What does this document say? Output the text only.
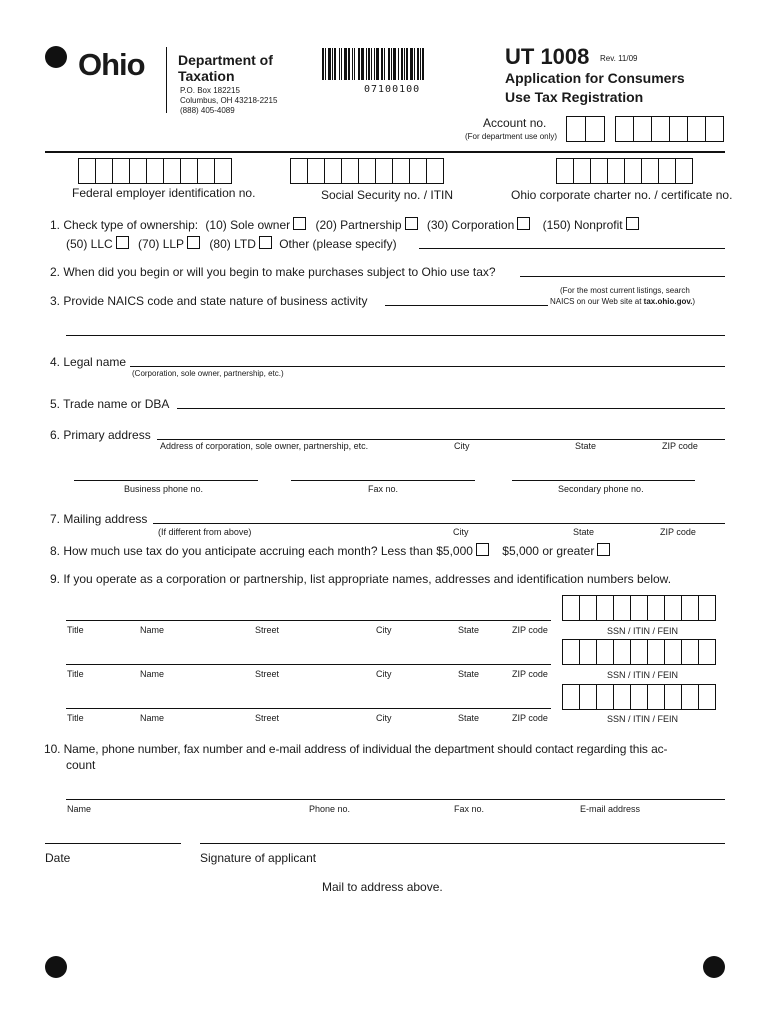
Ohio Department of
Taxation
P.O. Box 182215
Columbus, OH 43218-2215
(888) 405-4089
07100100
UT 1008 Rev. 11/09
Application for Consumers
Use Tax Registration
Account no.
(For department use only)
Federal employer identification no.	Social Security no. / ITIN	Ohio corporate charter no. / certificate no.
1. Check type of ownership: (10) Sole owner (20) Partnership (30) Corporation (150) Nonprofit
(50) LLC (70) LLP (80) LTD Other (please specify)
2. When did you begin or will you begin to make purchases subject to Ohio use tax?
(For the most current listings, search
NAICS on our Web site at tax.ohio.gov.)
3. Provide NAICS code and state nature of business activity
4. Legal name
(Corporation, sole owner, partnership, etc.)
5. Trade name or DBA
6. Primary address
Address of corporation, sole owner, partnership, etc.	City	State	ZIP code
Business phone no.	Fax no.	Secondary phone no.
7. Mailing address
(If different from above)	City	State	ZIP code
8. How much use tax do you anticipate accruing each month? Less than $5,000 $5,000 or greater
9. If you operate as a corporation or partnership, list appropriate names, addresses and identification numbers below.
Title	Name	Street	City	State	ZIP code	SSN / ITIN / FEIN
Title	Name	Street	City	State	ZIP code	SSN / ITIN / FEIN
Title	Name	Street	City	State	ZIP code	SSN / ITIN / FEIN
10. Name, phone number, fax number and e-mail address of individual the department should contact regarding this ac-
count
Name	Phone no.	Fax no.	E-mail address
Date	Signature of applicant
Mail to address above.
